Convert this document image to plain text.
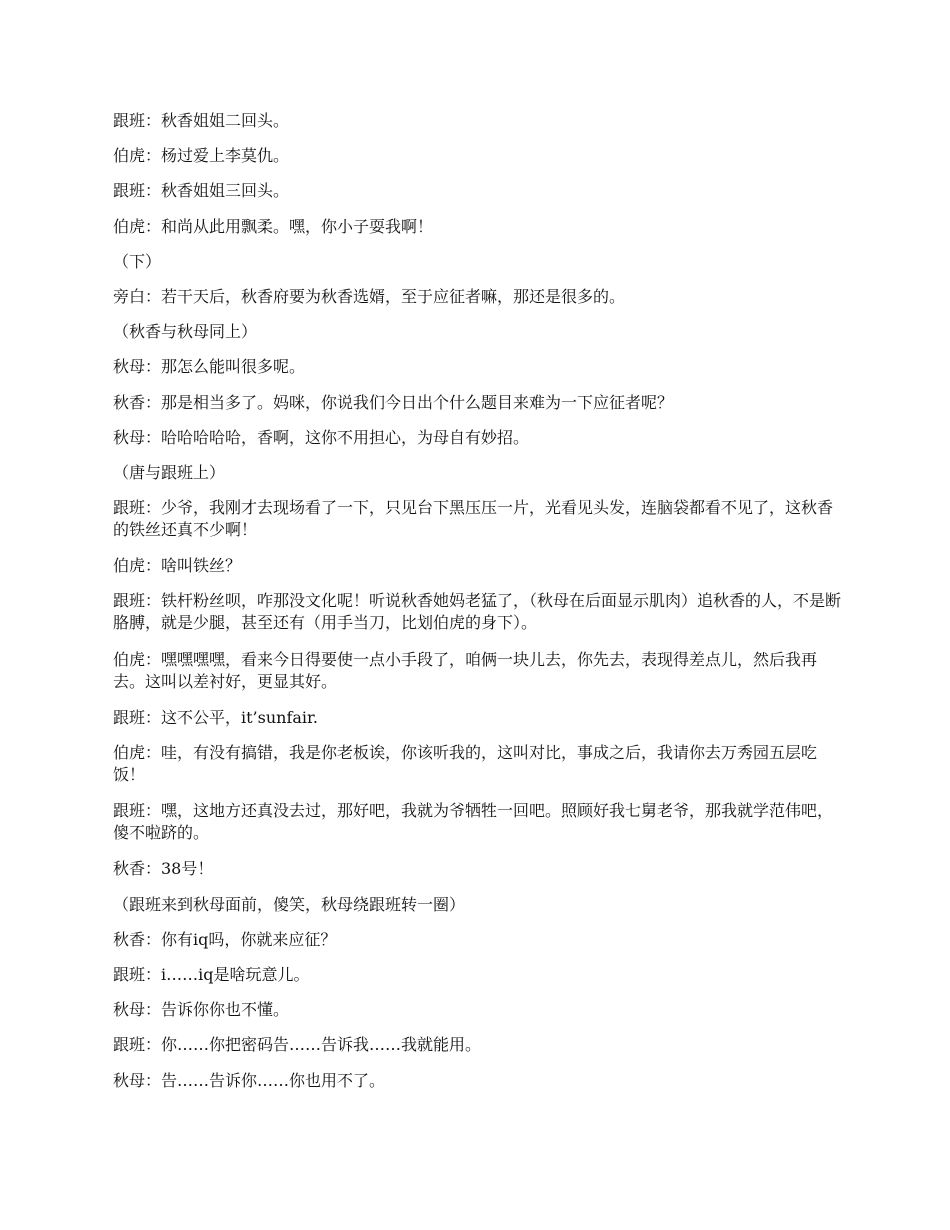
跟班：秋香姐姐二回头。

伯虎：杨过爱上李莫仇。

跟班：秋香姐姐三回头。

伯虎：和尚从此用飘柔。嘿，你小子耍我啊！

（下）

旁白：若干天后，秋香府要为秋香选婿，至于应征者嘛，那还是很多的。

（秋香与秋母同上）

秋母：那怎么能叫很多呢。

秋香：那是相当多了。妈咪，你说我们今日出个什么题目来难为一下应征者呢？

秋母：哈哈哈哈哈，香啊，这你不用担心，为母自有妙招。

（唐与跟班上）

跟班：少爷，我刚才去现场看了一下，只见台下黑压压一片，光看见头发，连脑袋都看不见了，这秋香的铁丝还真不少啊！

伯虎：啥叫铁丝？

跟班：铁杆粉丝呗，咋那没文化呢！听说秋香她妈老猛了，（秋母在后面显示肌肉）追秋香的人，不是断胳膊，就是少腿，甚至还有（用手当刀，比划伯虎的身下）。

伯虎：嘿嘿嘿嘿，看来今日得要使一点小手段了，咱俩一块儿去，你先去，表现得差点儿，然后我再去。这叫以差衬好，更显其好。

跟班：这不公平，it’sunfair.

伯虎：哇，有没有搞错，我是你老板诶，你该听我的，这叫对比，事成之后，我请你去万秀园五层吃饭！

跟班：嘿，这地方还真没去过，那好吧，我就为爷牺牲一回吧。照顾好我七舅老爷，那我就学范伟吧，傻不啦跻的。

秋香：38号！

（跟班来到秋母面前，傻笑，秋母绕跟班转一圈）

秋香：你有iq吗，你就来应征？

跟班：i……iq是啥玩意儿。

秋母：告诉你你也不懂。

跟班：你……你把密码告……告诉我……我就能用。

秋母：告……告诉你……你也用不了。
